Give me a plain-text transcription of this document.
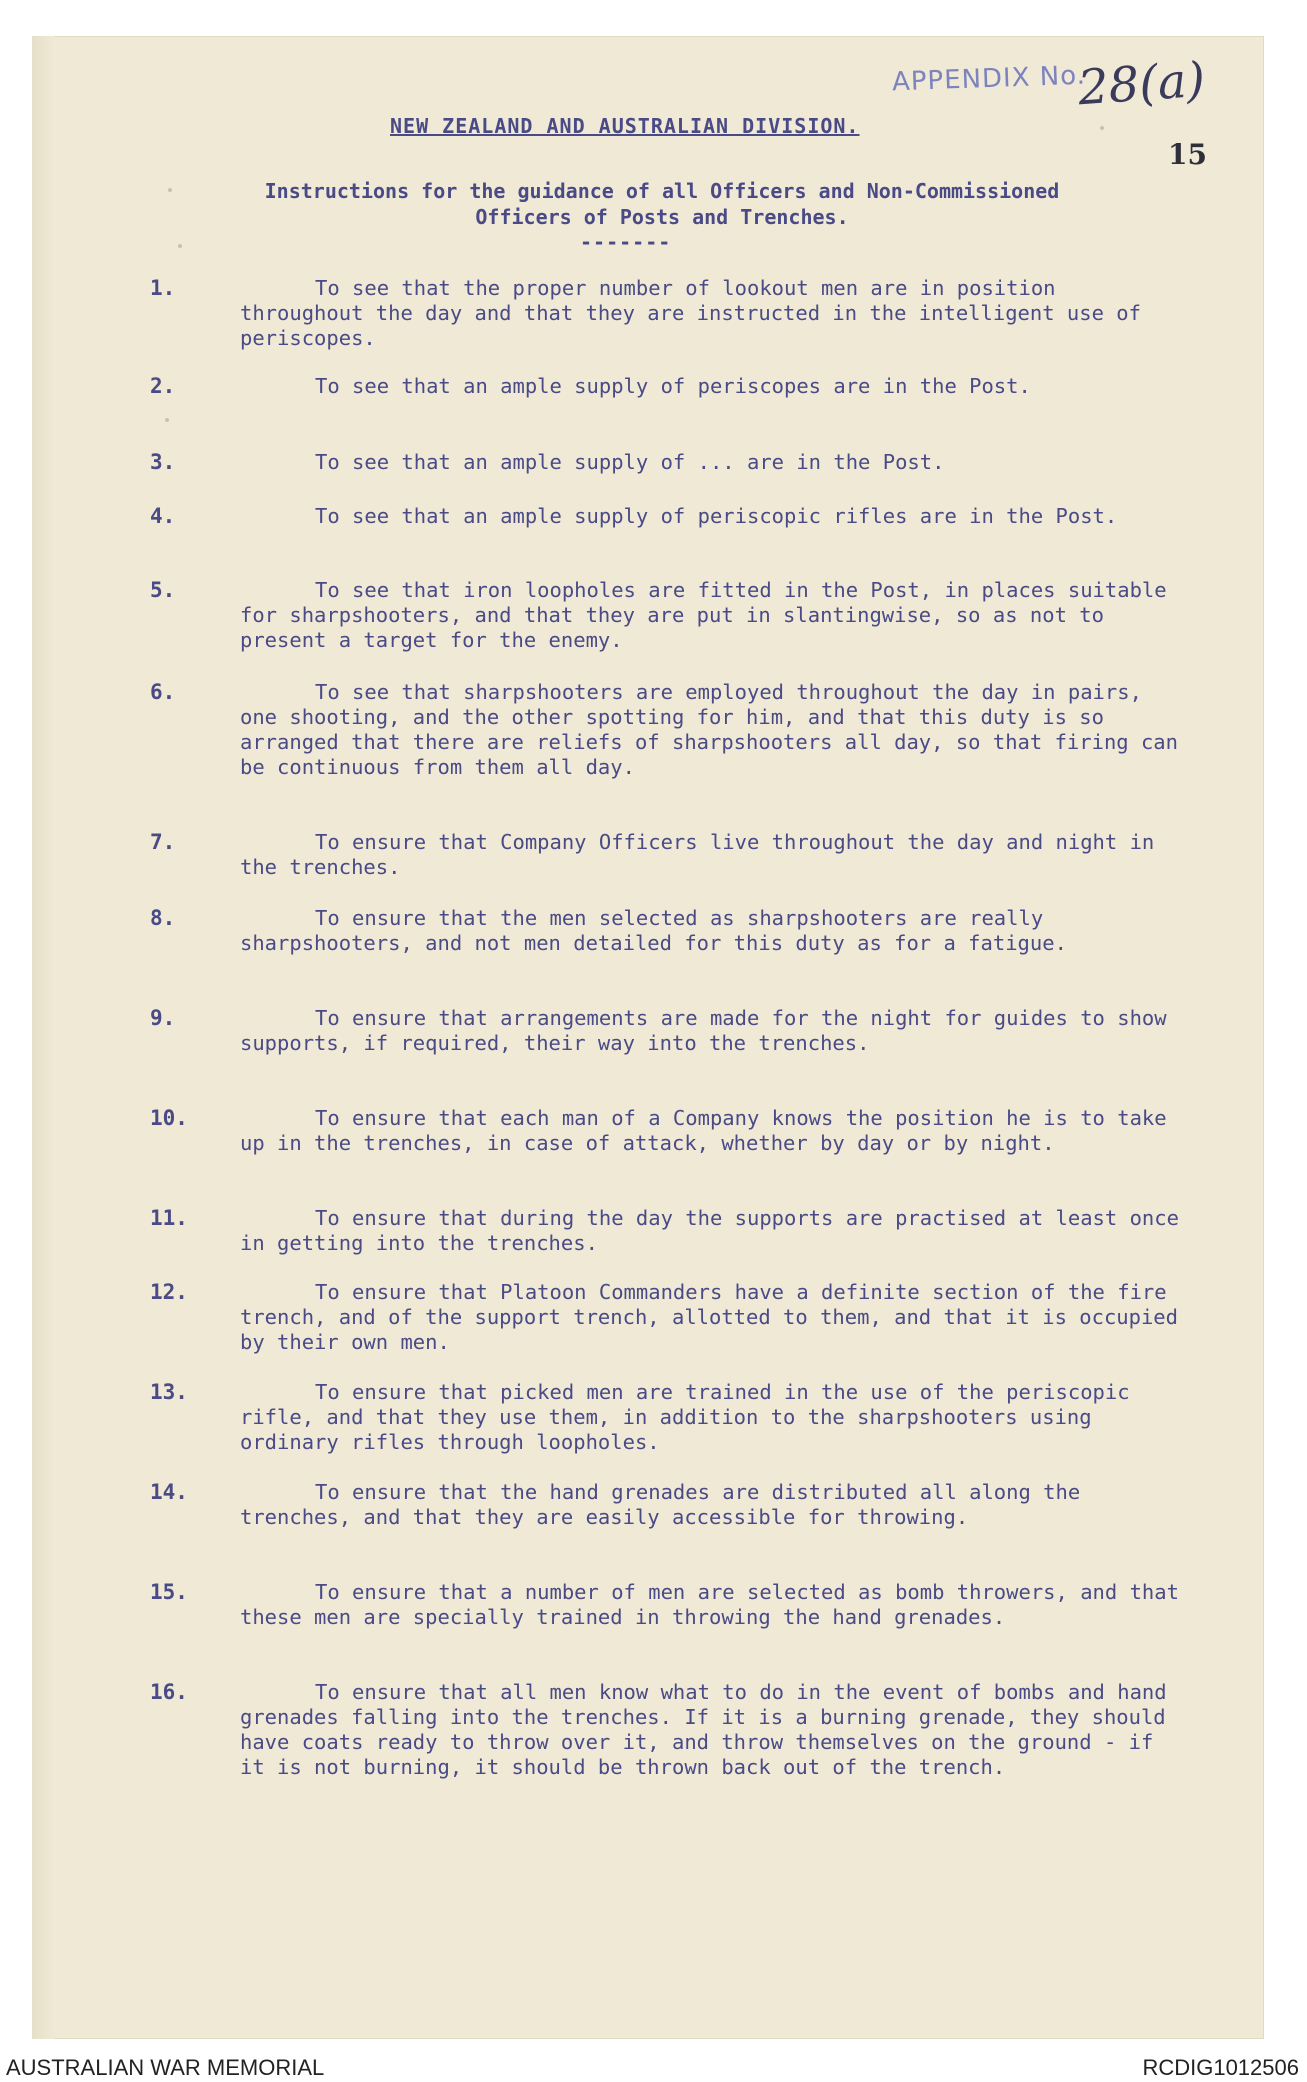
APPENDIX No.
28(a)
15
NEW ZEALAND AND AUSTRALIAN DIVISION.
Instructions for the guidance of all Officers and Non-Commissioned Officers of Posts and Trenches.
-------
1.	To see that the proper number of lookout men are in position throughout the day and that they are instructed in the intelligent use of periscopes.
2.	To see that an ample supply of periscopes are in the Post.
3.	To see that an ample supply of ... are in the Post.
4.	To see that an ample supply of periscopic rifles are in the Post.
5.	To see that iron loopholes are fitted in the Post, in places suitable for sharpshooters, and that they are put in slantingwise, so as not to present a target for the enemy.
6.	To see that sharpshooters are employed throughout the day in pairs, one shooting, and the other spotting for him, and that this duty is so arranged that there are reliefs of sharpshooters all day, so that firing can be continuous from them all day.
7.	To ensure that Company Officers live throughout the day and night in the trenches.
8.	To ensure that the men selected as sharpshooters are really sharpshooters, and not men detailed for this duty as for a fatigue.
9.	To ensure that arrangements are made for the night for guides to show supports, if required, their way into the trenches.
10.	To ensure that each man of a Company knows the position he is to take up in the trenches, in case of attack, whether by day or by night.
11.	To ensure that during the day the supports are practised at least once in getting into the trenches.
12.	To ensure that Platoon Commanders have a definite section of the fire trench, and of the support trench, allotted to them, and that it is occupied by their own men.
13.	To ensure that picked men are trained in the use of the periscopic rifle, and that they use them, in addition to the sharpshooters using ordinary rifles through loopholes.
14.	To ensure that the hand grenades are distributed all along the trenches, and that they are easily accessible for throwing.
15.	To ensure that a number of men are selected as bomb throwers, and that these men are specially trained in throwing the hand grenades.
16.	To ensure that all men know what to do in the event of bombs and hand grenades falling into the trenches. If it is a burning grenade, they should have coats ready to throw over it, and throw themselves on the ground - if it is not burning, it should be thrown back out of the trench.
AUSTRALIAN WAR MEMORIAL	RCDIG1012506
